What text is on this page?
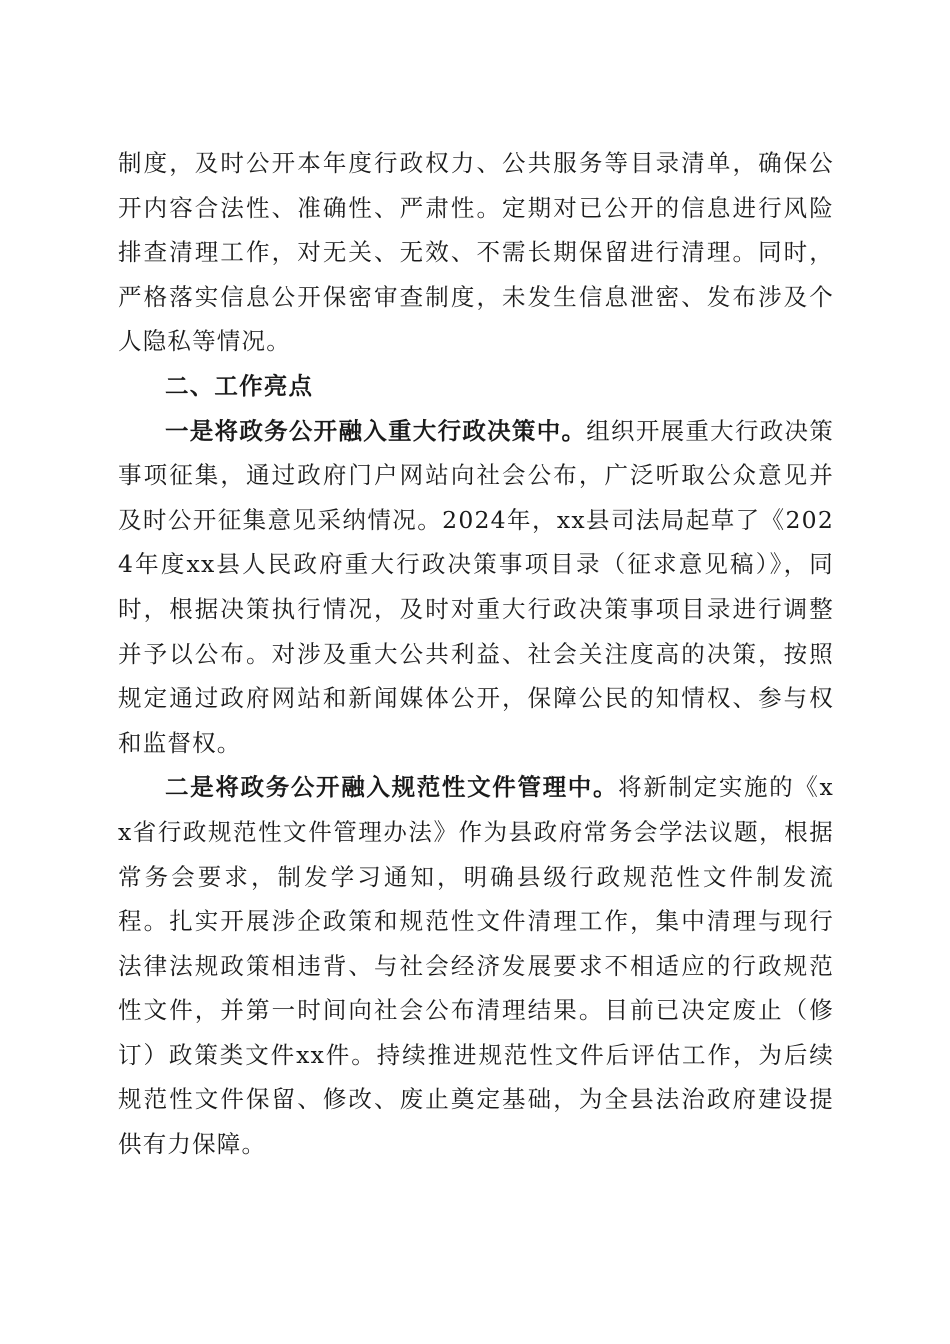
制度，及时公开本年度行政权力、公共服务等目录清单，确保公开内容合法性、准确性、严肃性。定期对已公开的信息进行风险排查清理工作，对无关、无效、不需长期保留进行清理。同时，严格落实信息公开保密审查制度，未发生信息泄密、发布涉及个人隐私等情况。

二、工作亮点

一是将政务公开融入重大行政决策中。组织开展重大行政决策事项征集，通过政府门户网站向社会公布，广泛听取公众意见并及时公开征集意见采纳情况。2024年，xx县司法局起草了《2024年度xx县人民政府重大行政决策事项目录（征求意见稿）》，同时，根据决策执行情况，及时对重大行政决策事项目录进行调整并予以公布。对涉及重大公共利益、社会关注度高的决策，按照规定通过政府网站和新闻媒体公开，保障公民的知情权、参与权和监督权。

二是将政务公开融入规范性文件管理中。将新制定实施的《xx省行政规范性文件管理办法》作为县政府常务会学法议题，根据常务会要求，制发学习通知，明确县级行政规范性文件制发流程。扎实开展涉企政策和规范性文件清理工作，集中清理与现行法律法规政策相违背、与社会经济发展要求不相适应的行政规范性文件，并第一时间向社会公布清理结果。目前已决定废止（修订）政策类文件xx件。持续推进规范性文件后评估工作，为后续规范性文件保留、修改、废止奠定基础，为全县法治政府建设提供有力保障。
